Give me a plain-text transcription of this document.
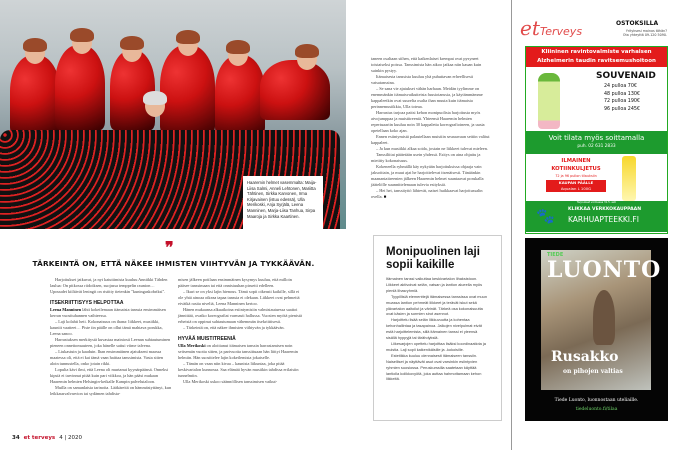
Haaremin helmet vasemmalta: Maija-Liisa Salmi, Anneli Lehtonen, Mariitta Tähtinen, Sirkka Karvonen, Irma Kirjavainen (istuu edessä), Ulla Merikoski, Anja Syrjälä, Leena Manninen, Marja-Liisa Tanhua, Sirpa Maaroja ja Sirkka Kaartinen.
❞
TÄRKEINTÄ ON, ETTÄ NÄKEE IHMISTEN VIIHTYVÄN JA TYKKÄÄVÄN.

Harjoitukset jatkuvat, ja nyt kaiuttimista kuuluu Anniikki Tähden laulua: On pitkossa riidoiksen, suojassa temppelin raunion… Upouudet kiiltävät leningit on ristitty tietenkin "kuningaskobriksi".

ITSEKRIITTISYYS HELPOTTAA

Leena Manninen lähti kokeilemaan itämaista tanssia ensimmäisen kerran vuosituhannen vaihteessa.

– Laji kolahti heti. Kokonaisuus on ihana: liikkeet, musiikki, kauniit vaatteet… Piste iin päälle on ollut tämä mahtava porukka, Leena sanoo.

Harrastuksen merkitystä kuvastaa mainiosti Leenan suhtautuminen pieneen onnettomuuteen, joka hänelle sattui viime talvena.

– Liukastuin ja kaaduin. Ihan ensimmäinen ajatukseni maassa maatessa oli, että ei kai tämä vaan haittaa tanssimista. Vasta sitten aloin tunnustella, onko jotain rikki.

Lopulta kävi ilmi, että Leena oli murtanut kyynärpäänsä. Onneksi kipsiä ei tarvinnut pitää kuin pari viikkoa, ja hän pääsi mukaan Haaremin helmien Helsingin-keikalle Kampin palvelutaloon.

Muilla on samanlaisia tarinoita. Lääkäreitä on hämmästyttänyt, kun leikkausvalvarvion tai sydämen tahdista-

misen jälkeen potilaan ensimmäinen kysymys kuuluu, että milloin pääsee tanssimaan tai että onnistuuhan piruetti edelleen.

– Ikuri se on yksi lajin hienous. Tämä sopii oikeasti kaikille, sillä ei ole yhtä ainoaa oikeaa tapaa tanssia ei olekaan. Liikkeet ovat pehmeitä eivätkä rasita niveliä, Leena Manninen kertoo.

Hänen mukaansa alkuaikoina esiintymisiin valmistautuessa saattoi jännittää, ovatko koreografiat varmasti hallussa. Vuosien myötä pienistä erheistä on oppinut suhtautumaan vähemmän itsekriittisesti.

– Tärkeintä on, että näkee ihmisten viihtyvän ja tykkäävän.

HYVÄÄ MUISTITREENIÄ

Ulla Merikoski on aloittanut itämaisen tanssin harrastamisen noin seitsemän vuotta sitten, ja parivuotta tanssittuaan hän liittyi Haaremin helmiin. Hän suosittelee lajin kokeilemista jokaiselle.

– Tämän on vaan niin kivaa – kaunista liikuntaa, joka pitää keskivartalon kunnossa. Saa elämää hyvän musiikin tahdissa erilaisiin tunnelmiin.

Ulla Merikoski uskoo säännöllisen tanssimisen vaikut-

taneen osaltaan siihen, että kaikenlaiset krempat ovat pysyneet toistaiseksi poissa. Tanssimista hän aikoo jatkaa niin kauan kuin suinkin pystyy.

Itämaisesta tanssista kuuluu yhä puhuttavan erheellisesti vatsatanssina.

– Se sana vie ajatukset vähän harhaan. Meidän tyylimme on enemmänkin itämaisvaikutteista fuusiotanssia, ja käytämmämme kappaleetkin ovat suurelta osalta ihan muuta kuin itämaista perinnemusiikkia, Ulla toteaa.

Harrastus tarjoaa paitsi kehon monipuolista harjoitusta myös aivojumppaa ja muistitreeniä. Yhteensä Haaremin helmien repertuaariin kuuluu noin 30 kappaletta koreografioineen, ja uusia opetellaan koko ajan.

Ennen esiintymistä palautellaan muistiin seuraavaan settiin valitut kappaleet.

– Ja kun musiikki alkaa soida, jostain ne liikkeet tulevat mieleen.

Tanssiliitat päätetään usein yhdessä. Esitys on aina ohjattu ja mietitty kokonaisuus.

Kokeneella ryhmällä käy nykyään harjoituksissa ohjaaja vain jaksoittain, ja muut ajat he harjoittelevat itsenäisesti. Tänäänkin maanantaitreenien jälkeen Haaremin helmet suuntaavat porukalla jäätelölle suunnittelemaan tulevia esityksiä.

– Hei hei, tanssityttö lähtevät, naiset huikkaavat harjoitussalin ovella. ■

Monipuolinen laji sopii kaikille

Itämainen tanssi vaikuttaa keskivartalon lihaksistoon. Liikkeet aktivoivat selän, vatsan ja lantion alueella myös pieniä lihasryhmiä.

Tyypillisiä elementtejä itämaisessa tanssissa ovat muun muassa lantion pehmeät liikkeet ja terävät iskut sekä ylävartalon aaltoilut ja värinät. Tärkeä osa kokonaisuutta ovat käsien ja sormien sirot asennot.

Harjoittelu lisää selän liikkuvuutta ja kohentaa kehonhallintaa ja tasapainoa. Jalkojen nivelpulmat eivät estä harjoittelemista, sillä itämainen tanssi ei yleensä sisällä hyppyjä tai tärähdyksiä.

Liikesarjojen opettelu harjoittaa lisäksi koordinaatiota ja muistia. Laji sopii kaikenikäisille ja -kokoisille.

Estetiikka kuuluu olennaisesti itämaiseen tanssiin. Naiselliset ja näyttävät asut ovat varsinkin esiintyvien ryhmien suosiossa. Peruskurssilla saatetaan käyttää lantiolla kolikkovyötä, joka auttaa hahmottamaan kehon liikkeitä.

34 et terveys 4 | 2020
etTerveys
OSTOKSILLA
Yrityksesi mainos tähän?
Ota yhteyttä 09-120 5090.
Kliininen ravintovalmiste varhaisen
Alzheimerin taudin ravitsemushoitoon
SOUVENAID
24 pulloa 70€
48 pulloa 130€
72 pulloa 190€
96 pulloa 245€
Voit tilata myös soittamalla
puh. 02 631 2833
ILMAINEN
KOTIINKULJETUS
72 ja 96 pullon tilauksiin
KAUPAN PÄÄLLE
Aqualan L 100G
Tarjoukset voimassa 31.5. asti
🐾	KLIKKAA VERKKOKAUPPAAN
KARHUAPTEEKKI.FI
TIEDE
LUONTO
Rusakko
on pihojen valtias
Tiede Luonto, luonnostaan uteliaille.
tiedeluonto.fi/tilaa
